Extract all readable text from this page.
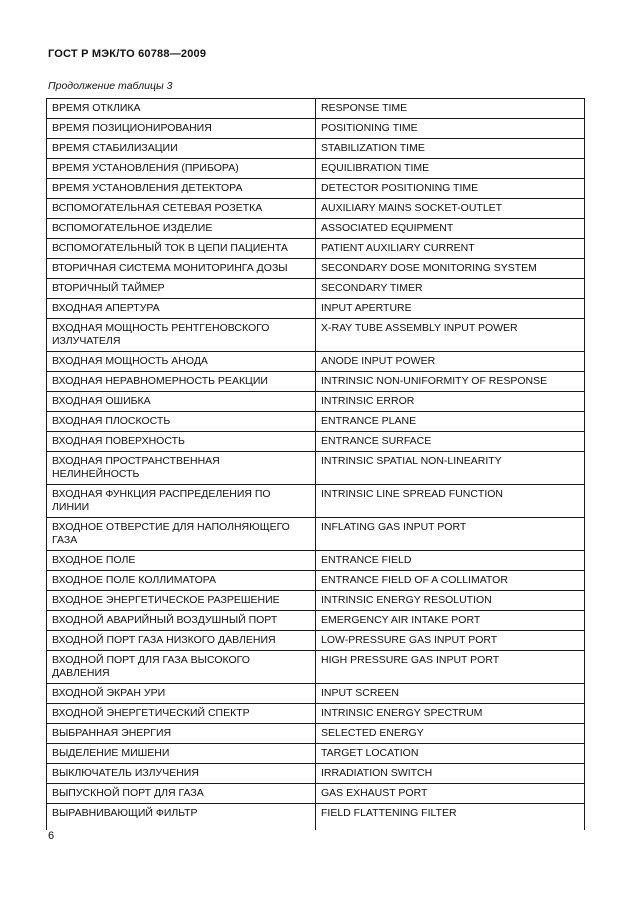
ГОСТ Р МЭК/ТО 60788—2009
Продолжение таблицы 3
ВРЕМЯ ОТКЛИКА	RESPONSE TIME
ВРЕМЯ ПОЗИЦИОНИРОВАНИЯ	POSITIONING TIME
ВРЕМЯ СТАБИЛИЗАЦИИ	STABILIZATION TIME
ВРЕМЯ УСТАНОВЛЕНИЯ (ПРИБОРА)	EQUILIBRATION TIME
ВРЕМЯ УСТАНОВЛЕНИЯ ДЕТЕКТОРА	DETECTOR POSITIONING TIME
ВСПОМОГАТЕЛЬНАЯ СЕТЕВАЯ РОЗЕТКА	AUXILIARY MAINS SOCKET-OUTLET
ВСПОМОГАТЕЛЬНОЕ ИЗДЕЛИЕ	ASSOCIATED EQUIPMENT
ВСПОМОГАТЕЛЬНЫЙ ТОК В ЦЕПИ ПАЦИЕНТА	PATIENT AUXILIARY CURRENT
ВТОРИЧНАЯ СИСТЕМА МОНИТОРИНГА ДОЗЫ	SECONDARY DOSE MONITORING SYSTEM
ВТОРИЧНЫЙ ТАЙМЕР	SECONDARY TIMER
ВХОДНАЯ АПЕРТУРА	INPUT APERTURE
ВХОДНАЯ МОЩНОСТЬ РЕНТГЕНОВСКОГО ИЗЛУЧАТЕЛЯ	X-RAY TUBE ASSEMBLY INPUT POWER
ВХОДНАЯ МОЩНОСТЬ АНОДА	ANODE INPUT POWER
ВХОДНАЯ НЕРАВНОМЕРНОСТЬ РЕАКЦИИ	INTRINSIC NON-UNIFORMITY OF RESPONSE
ВХОДНАЯ ОШИБКА	INTRINSIC ERROR
ВХОДНАЯ ПЛОСКОСТЬ	ENTRANCE PLANE
ВХОДНАЯ ПОВЕРХНОСТЬ	ENTRANCE SURFACE
ВХОДНАЯ ПРОСТРАНСТВЕННАЯ НЕЛИНЕЙНОСТЬ	INTRINSIC SPATIAL NON-LINEARITY
ВХОДНАЯ ФУНКЦИЯ РАСПРЕДЕЛЕНИЯ ПО ЛИНИИ	INTRINSIC LINE SPREAD FUNCTION
ВХОДНОЕ ОТВЕРСТИЕ ДЛЯ НАПОЛНЯЮЩЕГО ГАЗА	INFLATING GAS INPUT PORT
ВХОДНОЕ ПОЛЕ	ENTRANCE FIELD
ВХОДНОЕ ПОЛЕ КОЛЛИМАТОРА	ENTRANCE FIELD OF A COLLIMATOR
ВХОДНОЕ ЭНЕРГЕТИЧЕСКОЕ РАЗРЕШЕНИЕ	INTRINSIC ENERGY RESOLUTION
ВХОДНОЙ АВАРИЙНЫЙ ВОЗДУШНЫЙ ПОРТ	EMERGENCY AIR INTAKE PORT
ВХОДНОЙ ПОРТ ГАЗА НИЗКОГО ДАВЛЕНИЯ	LOW-PRESSURE GAS INPUT PORT
ВХОДНОЙ ПОРТ ДЛЯ ГАЗА ВЫСОКОГО ДАВЛЕНИЯ	HIGH PRESSURE GAS INPUT PORT
ВХОДНОЙ ЭКРАН УРИ	INPUT SCREEN
ВХОДНОЙ ЭНЕРГЕТИЧЕСКИЙ СПЕКТР	INTRINSIC ENERGY SPECTRUM
ВЫБРАННАЯ ЭНЕРГИЯ	SELECTED ENERGY
ВЫДЕЛЕНИЕ МИШЕНИ	TARGET LOCATION
ВЫКЛЮЧАТЕЛЬ ИЗЛУЧЕНИЯ	IRRADIATION SWITCH
ВЫПУСКНОЙ ПОРТ ДЛЯ ГАЗА	GAS EXHAUST PORT
ВЫРАВНИВАЮЩИЙ ФИЛЬТР	FIELD FLATTENING FILTER
6
